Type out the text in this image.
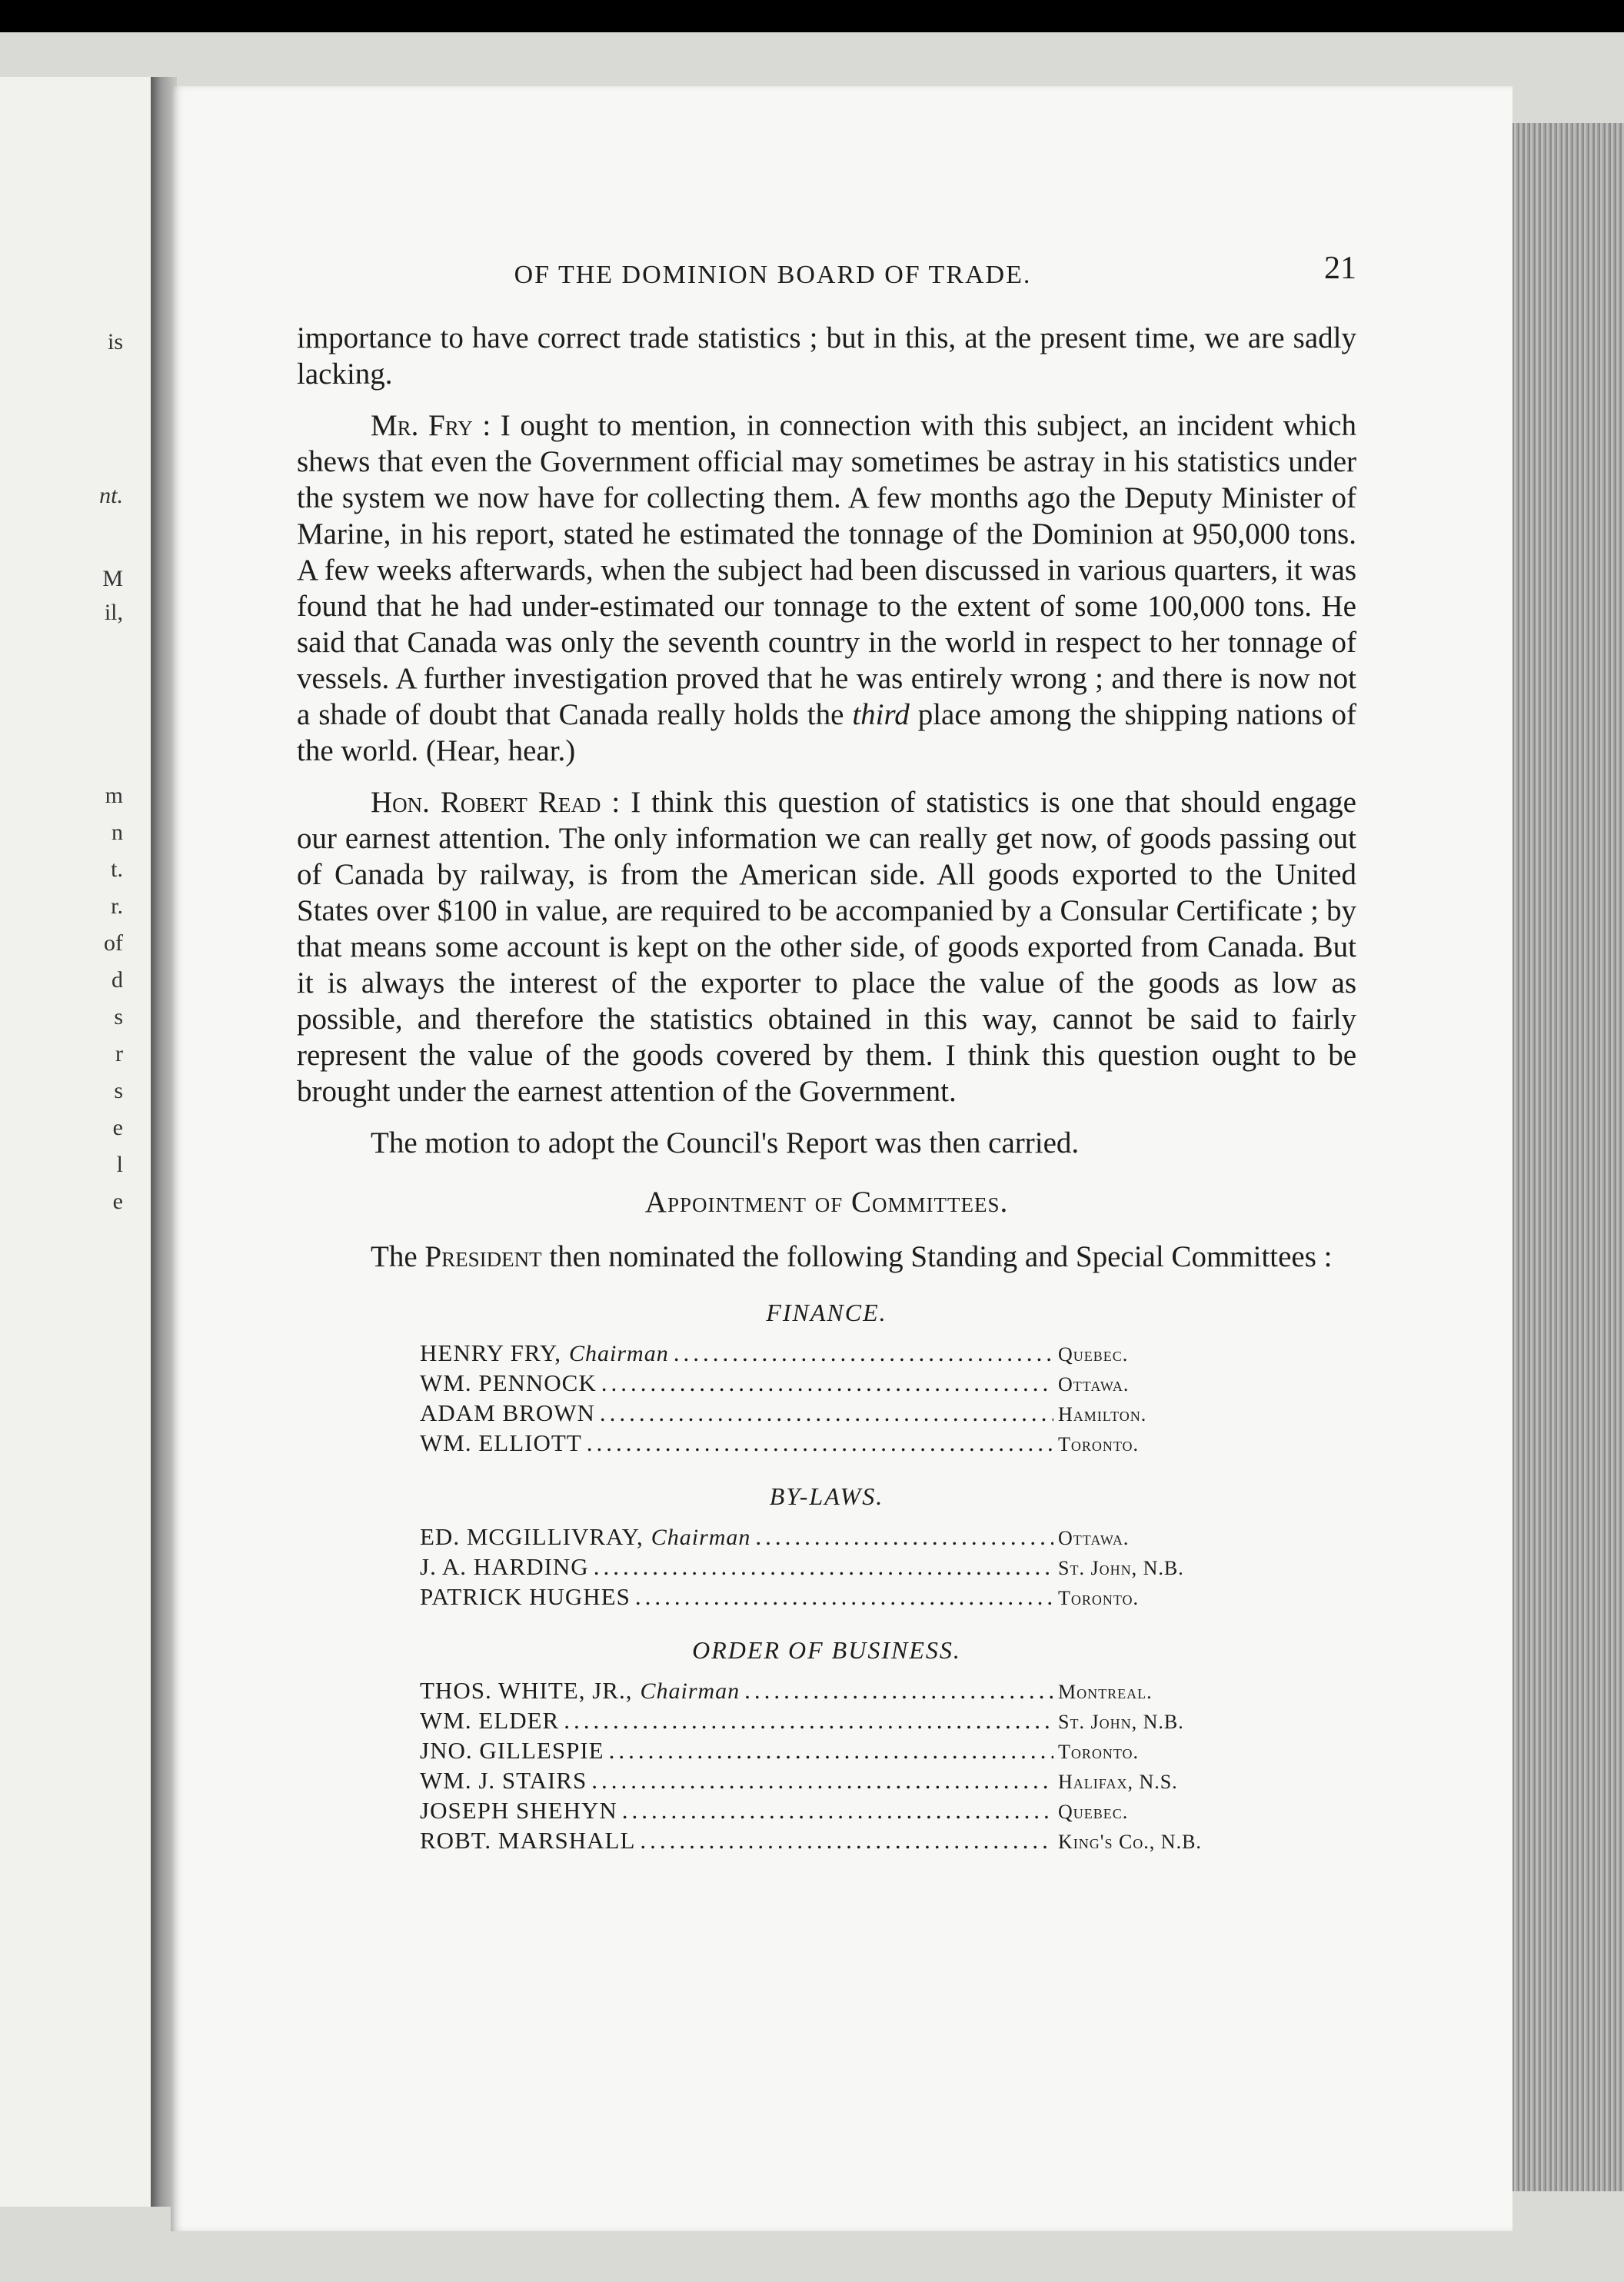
is
nt.
M
il,
m
n
t.
r.
of
d
s
r
s
e
l
e
OF THE DOMINION BOARD OF TRADE.	21

importance to have correct trade statistics ; but in this, at the present time, we are sadly lacking.

Mr. Fry : I ought to mention, in connection with this subject, an incident which shews that even the Government official may sometimes be astray in his statistics under the system we now have for collecting them. A few months ago the Deputy Minister of Marine, in his report, stated he estimated the tonnage of the Dominion at 950,000 tons. A few weeks afterwards, when the subject had been discussed in various quarters, it was found that he had under-estimated our tonnage to the extent of some 100,000 tons. He said that Canada was only the seventh country in the world in respect to her tonnage of vessels. A further investigation proved that he was entirely wrong ; and there is now not a shade of doubt that Canada really holds the third place among the shipping nations of the world. (Hear, hear.)

Hon. Robert Read : I think this question of statistics is one that should engage our earnest attention. The only information we can really get now, of goods passing out of Canada by railway, is from the American side. All goods exported to the United States over $100 in value, are required to be accompanied by a Consular Certificate ; by that means some account is kept on the other side, of goods exported from Canada. But it is always the interest of the exporter to place the value of the goods as low as possible, and therefore the statistics obtained in this way, cannot be said to fairly represent the value of the goods covered by them. I think this question ought to be brought under the earnest attention of the Government.

The motion to adopt the Council's Report was then carried.

Appointment of Committees.

The President then nominated the following Standing and Special Committees :

FINANCE.
HENRY FRY, Chairman .....	Quebec.
WM. PENNOCK .....	Ottawa.
ADAM BROWN .....	Hamilton.
WM. ELLIOTT .....	Toronto.
BY-LAWS.
ED. MCGILLIVRAY, Chairman .....	Ottawa.
J. A. HARDING .....	St. John, N.B.
PATRICK HUGHES .....	Toronto.
ORDER OF BUSINESS.
THOS. WHITE, JR., Chairman .....	Montreal.
WM. ELDER .....	St. John, N.B.
JNO. GILLESPIE .....	Toronto.
WM. J. STAIRS .....	Halifax, N.S.
JOSEPH SHEHYN .....	Quebec.
ROBT. MARSHALL .....	King's Co., N.B.
